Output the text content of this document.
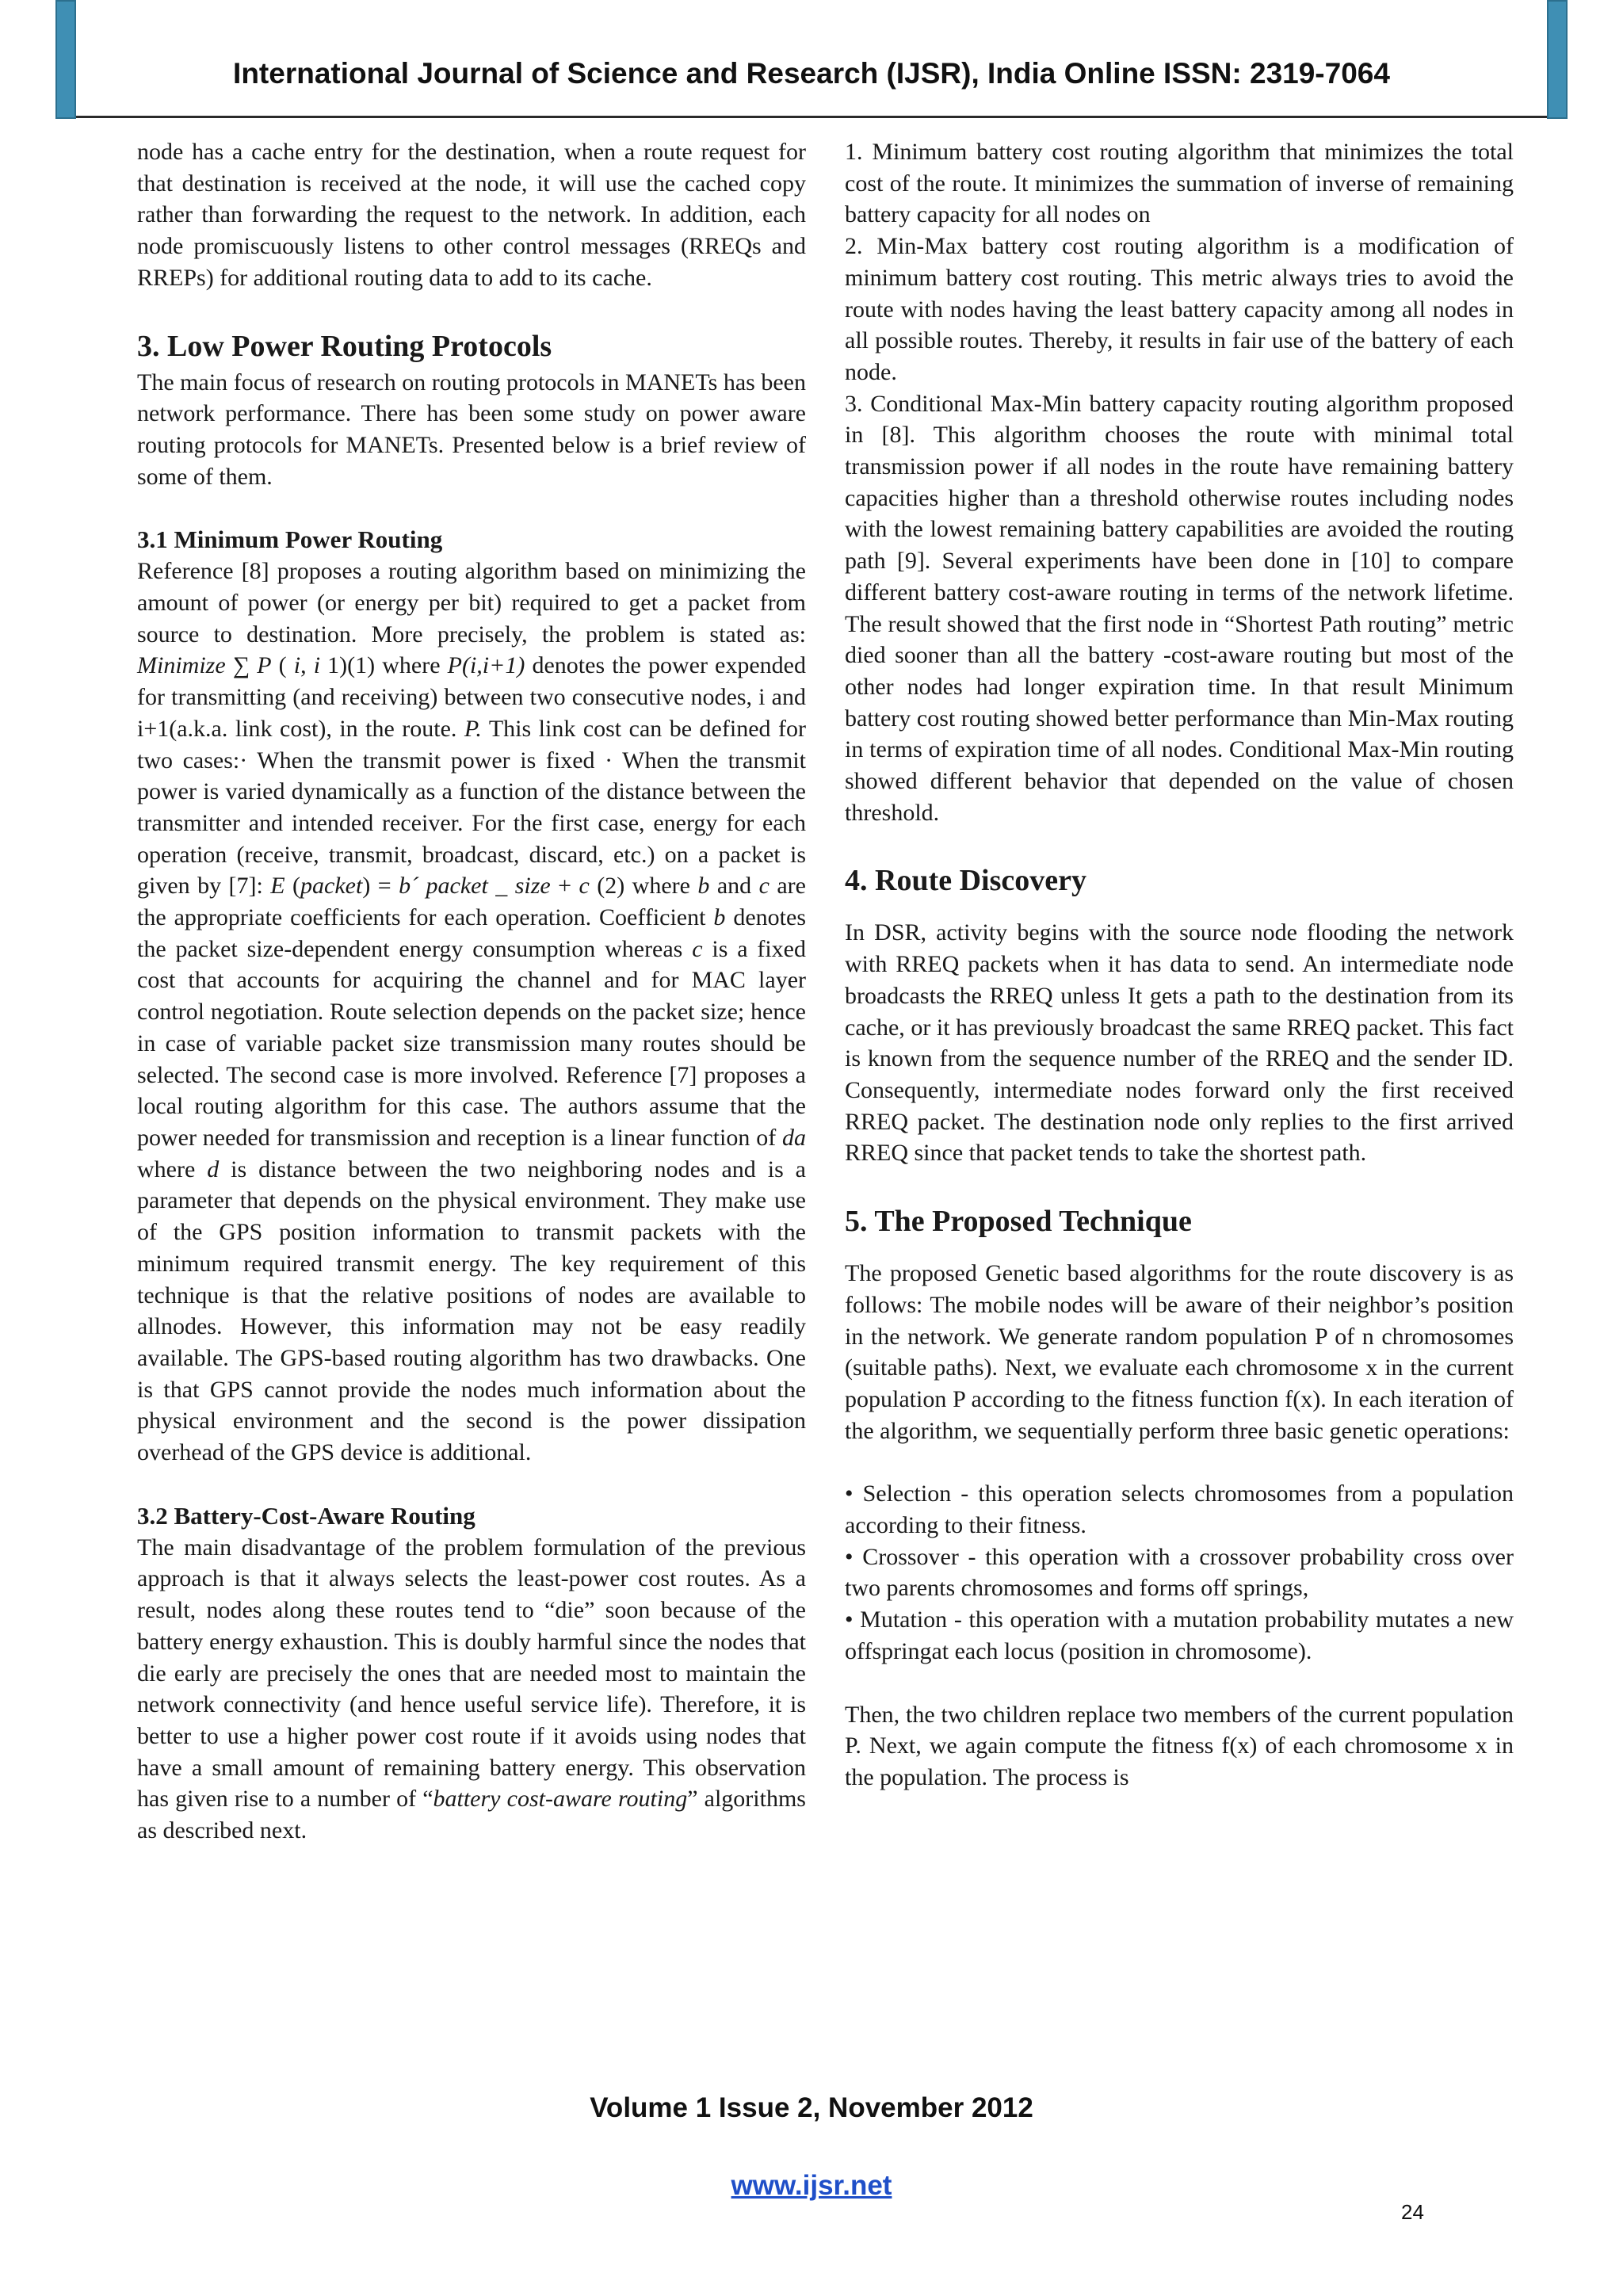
International Journal of Science and Research (IJSR), India Online ISSN: 2319-7064

node has a cache entry for the destination, when a route request for that destination is received at the node, it will use the cached copy rather than forwarding the request to the network. In addition, each node promiscuously listens to other control messages (RREQs and RREPs) for additional routing data to add to its cache.

3. Low Power Routing Protocols

The main focus of research on routing protocols in MANETs has been network performance. There has been some study on power aware routing protocols for MANETs. Presented below is a brief review of some of them.

3.1 Minimum Power Routing

Reference [8] proposes a routing algorithm based on minimizing the amount of power (or energy per bit) required to get a packet from source to destination. More precisely, the problem is stated as: Minimize ∑ P ( i, i 1)(1) where P(i,i+1) denotes the power expended for transmitting (and receiving) between two consecutive nodes, i and i+1(a.k.a. link cost), in the route. P. This link cost can be defined for two cases:· When the transmit power is fixed · When the transmit power is varied dynamically as a function of the distance between the transmitter and intended receiver. For the first case, energy for each operation (receive, transmit, broadcast, discard, etc.) on a packet is given by [7]: E (packet) = b´ packet _ size + c (2) where b and c are the appropriate coefficients for each operation. Coefficient b denotes the packet size-dependent energy consumption whereas c is a fixed cost that accounts for acquiring the channel and for MAC layer control negotiation. Route selection depends on the packet size; hence in case of variable packet size transmission many routes should be selected. The second case is more involved. Reference [7] proposes a local routing algorithm for this case. The authors assume that the power needed for transmission and reception is a linear function of da where d is distance between the two neighboring nodes and is a parameter that depends on the physical environment. They make use of the GPS position information to transmit packets with the minimum required transmit energy. The key requirement of this technique is that the relative positions of nodes are available to allnodes. However, this information may not be easy readily available. The GPS-based routing algorithm has two drawbacks. One is that GPS cannot provide the nodes much information about the physical environment and the second is the power dissipation overhead of the GPS device is additional.

3.2 Battery-Cost-Aware Routing

The main disadvantage of the problem formulation of the previous approach is that it always selects the least-power cost routes. As a result, nodes along these routes tend to “die” soon because of the battery energy exhaustion. This is doubly harmful since the nodes that die early are precisely the ones that are needed most to maintain the network connectivity (and hence useful service life). Therefore, it is better to use a higher power cost route if it avoids using nodes that have a small amount of remaining battery energy. This observation has given rise to a number of “battery cost-aware routing” algorithms as described next.

1. Minimum battery cost routing algorithm that minimizes the total cost of the route. It minimizes the summation of inverse of remaining battery capacity for all nodes on

2. Min-Max battery cost routing algorithm is a modification of minimum battery cost routing. This metric always tries to avoid the route with nodes having the least battery capacity among all nodes in all possible routes. Thereby, it results in fair use of the battery of each node.

3. Conditional Max-Min battery capacity routing algorithm proposed in [8]. This algorithm chooses the route with minimal total transmission power if all nodes in the route have remaining battery capacities higher than a threshold otherwise routes including nodes with the lowest remaining battery capabilities are avoided the routing path [9]. Several experiments have been done in [10] to compare different battery cost-aware routing in terms of the network lifetime. The result showed that the first node in “Shortest Path routing” metric died sooner than all the battery -cost-aware routing but most of the other nodes had longer expiration time. In that result Minimum battery cost routing showed better performance than Min-Max routing in terms of expiration time of all nodes. Conditional Max-Min routing showed different behavior that depended on the value of chosen threshold.

4. Route Discovery

In DSR, activity begins with the source node flooding the network with RREQ packets when it has data to send. An intermediate node broadcasts the RREQ unless It gets a path to the destination from its cache, or it has previously broadcast the same RREQ packet. This fact is known from the sequence number of the RREQ and the sender ID. Consequently, intermediate nodes forward only the first received RREQ packet. The destination node only replies to the first arrived RREQ since that packet tends to take the shortest path.

5. The Proposed Technique

The proposed Genetic based algorithms for the route discovery is as follows: The mobile nodes will be aware of their neighbor’s position in the network. We generate random population P of n chromosomes (suitable paths). Next, we evaluate each chromosome x in the current population P according to the fitness function f(x). In each iteration of the algorithm, we sequentially perform three basic genetic operations:

• Selection - this operation selects chromosomes from a population according to their fitness.

• Crossover - this operation with a crossover probability cross over two parents chromosomes and forms off springs,

• Mutation - this operation with a mutation probability mutates a new offspringat each locus (position in chromosome).

Then, the two children replace two members of the current population P. Next, we again compute the fitness f(x) of each chromosome x in the population. The process is

Volume 1 Issue 2, November 2012
www.ijsr.net
24
